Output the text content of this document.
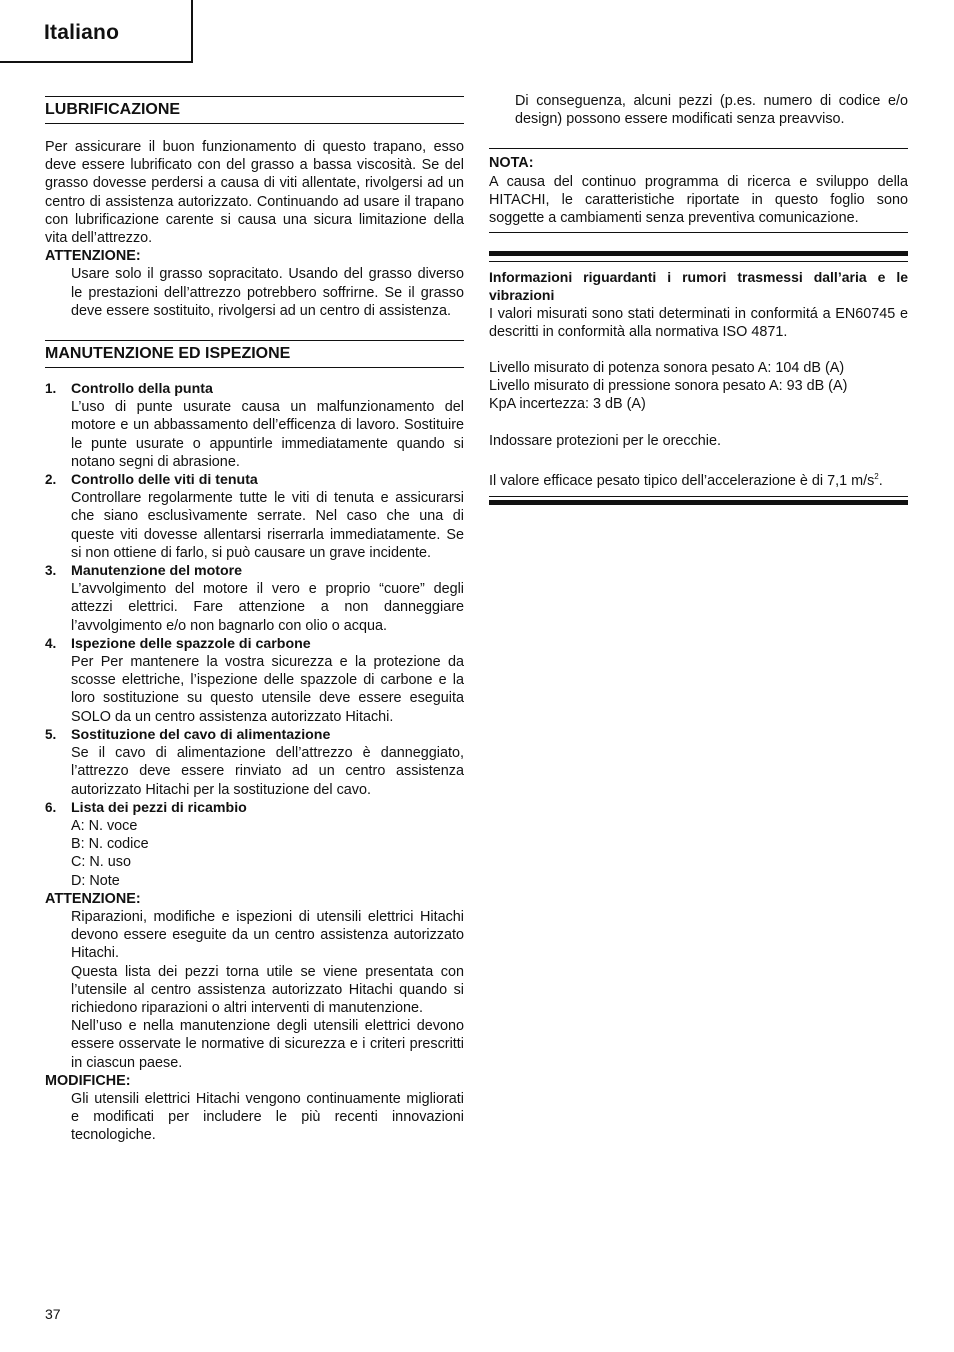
Italiano
LUBRIFICAZIONE

Per assicurare il buon funzionamento di questo trapano, esso deve essere lubrificato con del grasso a bassa viscosità. Se del grasso dovesse perdersi a causa di viti allentate, rivolgersi ad un centro di assistenza autorizzato. Continuando ad usare il trapano con lubrificazione carente si causa una sicura limitazione della vita dell’attrezzo.

ATTENZIONE:

Usare solo il grasso sopracitato. Usando del grasso diverso le prestazioni dell’attrezzo potrebbero soffrirne. Se il grasso deve essere sostituito, rivolgersi ad un centro di assistenza.

MANUTENZIONE ED ISPEZIONE
1. Controllo della punta

L’uso di punte usurate causa un malfunzionamento del motore e un abbassamento dell’efficenza di lavoro. Sostituire le punte usurate o appuntirle immediatamente quando si notano segni di abrasione.

2. Controllo delle viti di tenuta

Controllare regolarmente tutte le viti di tenuta e assicurarsi che siano esclusìvamente serrate. Nel caso che una di queste viti dovesse allentarsi riserrarla immediatamente. Se si non ottiene di farlo, si può causare un grave incidente.

3. Manutenzione del motore

L’avvolgimento del motore il vero e proprio “cuore” degli attezzi elettrici. Fare attenzione a non danneggiare l’avvolgimento e/o non bagnarlo con olio o acqua.

4. Ispezione delle spazzole di carbone

Per Per mantenere la vostra sicurezza e la protezione da scosse elettriche, l’ispezione delle spazzole di carbone e la loro sostituzione su questo utensile deve essere eseguita SOLO da un centro assistenza autorizzato Hitachi.

5. Sostituzione del cavo di alimentazione

Se il cavo di alimentazione dell’attrezzo è danneggiato, l’attrezzo deve essere rinviato ad un centro assistenza autorizzato Hitachi per la sostituzione del cavo.

6. Lista dei pezzi di ricambio
A: N. voce
B: N. codice
C: N. uso
D: Note
ATTENZIONE:

Riparazioni, modifiche e ispezioni di utensili elettrici Hitachi devono essere eseguite da un centro assistenza autorizzato Hitachi.

Questa lista dei pezzi torna utile se viene presentata con l’utensile al centro assistenza autorizzato Hitachi quando si richiedono riparazioni o altri interventi di manutenzione.

Nell’uso e nella manutenzione degli utensili elettrici devono essere osservate le normative di sicurezza e i criteri prescritti in ciascun paese.

MODIFICHE:

Gli utensili elettrici Hitachi vengono continuamente migliorati e modificati per includere le più recenti innovazioni tecnologiche.

Di conseguenza, alcuni pezzi (p.es. numero di codice e/o design) possono essere modificati senza preavviso.

NOTA:

A causa del continuo programma di ricerca e sviluppo della HITACHI, le caratteristiche riportate in questo foglio sono soggette a cambiamenti senza preventiva comunicazione.

Informazioni riguardanti i rumori trasmessi dall’aria e le vibrazioni

I valori misurati sono stati determinati in conformitá a EN60745 e descritti in conformità alla normativa ISO 4871.

Livello misurato di potenza sonora pesato A: 104 dB (A)
Livello misurato di pressione sonora pesato A: 93 dB (A)
KpA incertezza: 3 dB (A)
Indossare protezioni per le orecchie.

Il valore efficace pesato tipico dell’accelerazione è di 7,1 $m/s^2$.

37
